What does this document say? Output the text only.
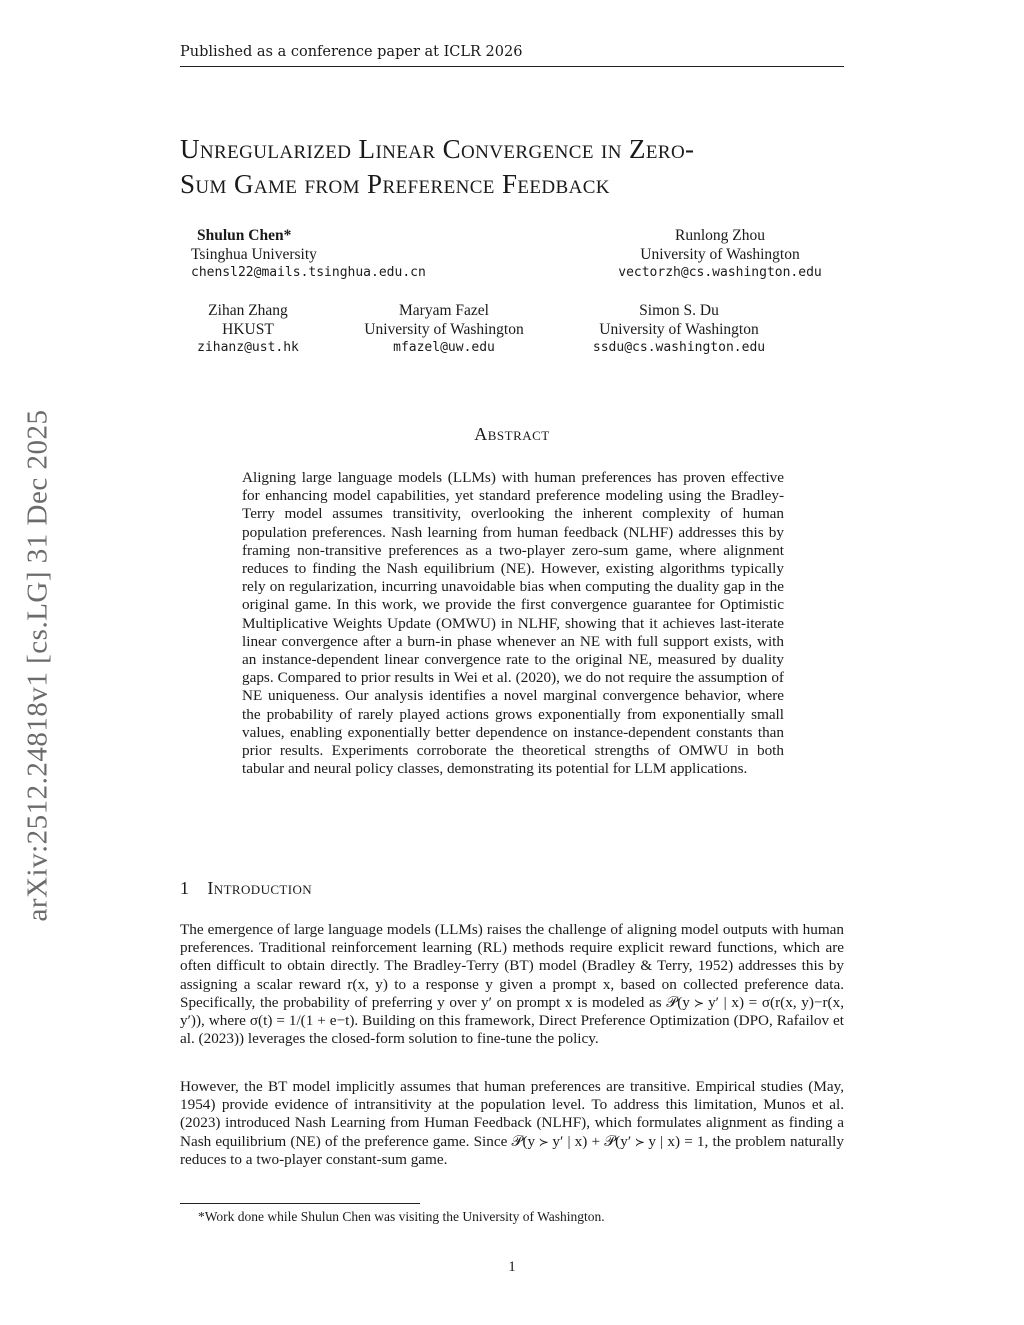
Published as a conference paper at ICLR 2026
arXiv:2512.24818v1 [cs.LG] 31 Dec 2025
Unregularized Linear Convergence in Zero-
Sum Game from Preference Feedback
Shulun Chen*
Tsinghua University
chensl22@mails.tsinghua.edu.cn
Runlong Zhou
University of Washington
vectorzh@cs.washington.edu
Zihan Zhang
HKUST
zihanz@ust.hk
Maryam Fazel
University of Washington
mfazel@uw.edu
Simon S. Du
University of Washington
ssdu@cs.washington.edu
Abstract
Aligning large language models (LLMs) with human preferences has proven effective for enhancing model capabilities, yet standard preference modeling using the Bradley-Terry model assumes transitivity, overlooking the inherent complexity of human population preferences. Nash learning from human feedback (NLHF) addresses this by framing non-transitive preferences as a two-player zero-sum game, where alignment reduces to finding the Nash equilibrium (NE). However, existing algorithms typically rely on regularization, incurring unavoidable bias when computing the duality gap in the original game. In this work, we provide the first convergence guarantee for Optimistic Multiplicative Weights Update (OMWU) in NLHF, showing that it achieves last-iterate linear convergence after a burn-in phase whenever an NE with full support exists, with an instance-dependent linear convergence rate to the original NE, measured by duality gaps. Compared to prior results in Wei et al. (2020), we do not require the assumption of NE uniqueness. Our analysis identifies a novel marginal convergence behavior, where the probability of rarely played actions grows exponentially from exponentially small values, enabling exponentially better dependence on instance-dependent constants than prior results. Experiments corroborate the theoretical strengths of OMWU in both tabular and neural policy classes, demonstrating its potential for LLM applications.
1 Introduction
The emergence of large language models (LLMs) raises the challenge of aligning model outputs with human preferences. Traditional reinforcement learning (RL) methods require explicit reward functions, which are often difficult to obtain directly. The Bradley-Terry (BT) model (Bradley & Terry, 1952) addresses this by assigning a scalar reward r(x, y) to a response y given a prompt x, based on collected preference data. Specifically, the probability of preferring y over y′ on prompt x is modeled as 𝒫(y ≻ y′ | x) = σ(r(x, y)−r(x, y′)), where σ(t) = 1/(1 + e−t). Building on this framework, Direct Preference Optimization (DPO, Rafailov et al. (2023)) leverages the closed-form solution to fine-tune the policy.
However, the BT model implicitly assumes that human preferences are transitive. Empirical studies (May, 1954) provide evidence of intransitivity at the population level. To address this limitation, Munos et al. (2023) introduced Nash Learning from Human Feedback (NLHF), which formulates alignment as finding a Nash equilibrium (NE) of the preference game. Since 𝒫(y ≻ y′ | x) + 𝒫(y′ ≻ y | x) = 1, the problem naturally reduces to a two-player constant-sum game.
*Work done while Shulun Chen was visiting the University of Washington.
1
